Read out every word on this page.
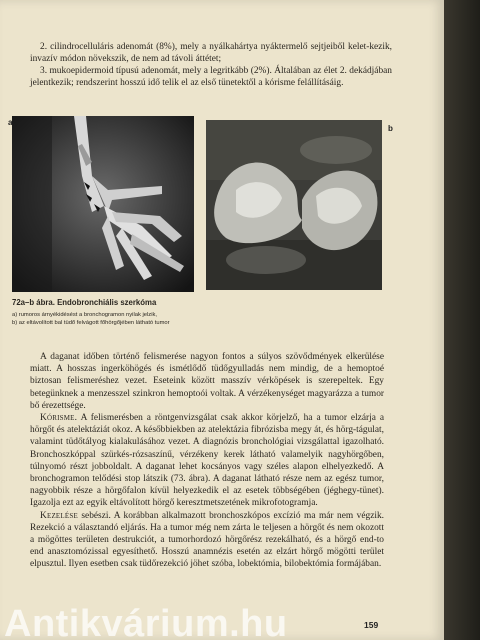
2. cilindrocelluláris adenomát (8%), mely a nyálkahártya nyáktermelő sejtjeiből kelet-kezik, invazív módon növekszik, de nem ad távoli áttétet;

3. mukoepidermoid típusú adenomát, mely a legritkább (2%). Általában az élet 2. dekádjában jelentkezik; rendszerint hosszú idő telik el az első tünetektől a kórisme felállításáig.

a
b
72a–b ábra. Endobronchiális szerkóma
a) rumoros árnyékidésést a bronchogramon nyilak jelzik,
b) az eltávolított bal tüdő felvágott főhörgőjében látható tumor

A daganat időben történő felismerése nagyon fontos a súlyos szövődmények elkerülése miatt. A hosszas ingerköhögés és ismétlődő tüdőgyulladás nem mindig, de a hemoptoé biztosan felismeréshez vezet. Eseteink között masszív vérköpések is szerepeltek. Egy betegünknek a menzesszel szinkron hemoptoói voltak. A vérzékenységet magyarázza a tumor bő érezettsége.

Kórisme. A felismerésben a röntgenvizsgálat csak akkor körjelző, ha a tumor elzárja a hörgőt és atelektáziát okoz. A későbbiekben az atelektázia fibrózisba megy át, és hörg-tágulat, valamint tüdőtályog kialakulásához vezet. A diagnózis bronchológiai vizsgálattal igazolható. Bronchoszkóppal szürkés-rózsaszínű, vérzékeny kerek látható valamelyik nagyhörgőben, túlnyomó részt jobboldalt. A daganat lehet kocsányos vagy széles alapon elhelyezkedő. A bronchogramon telődési stop látszik (73. ábra). A daganat látható része nem az egész tumor, nagyobbik része a hörgőfalon kívül helyezkedik el az esetek többségében (jéghegy-tünet). Igazolja ezt az egyik eltávolított hörgő keresztmetszetének mikrofotogramja.

Kezelése sebészi. A korábban alkalmazott bronchoszkópos excízió ma már nem végzik. Rezekció a választandó eljárás. Ha a tumor még nem zárta le teljesen a hörgőt és nem okozott a mögöttes területen destrukciót, a tumorhordozó hörgőrész rezekálható, és a hörgő end-to end anasztomózissal egyesíthető. Hosszú anamnézis esetén az elzárt hörgő mögötti terület elpusztul. Ilyen esetben csak tüdőrezekció jöhet szóba, lobektómia, bilobektómia formájában.

159
Antikvárium.hu
